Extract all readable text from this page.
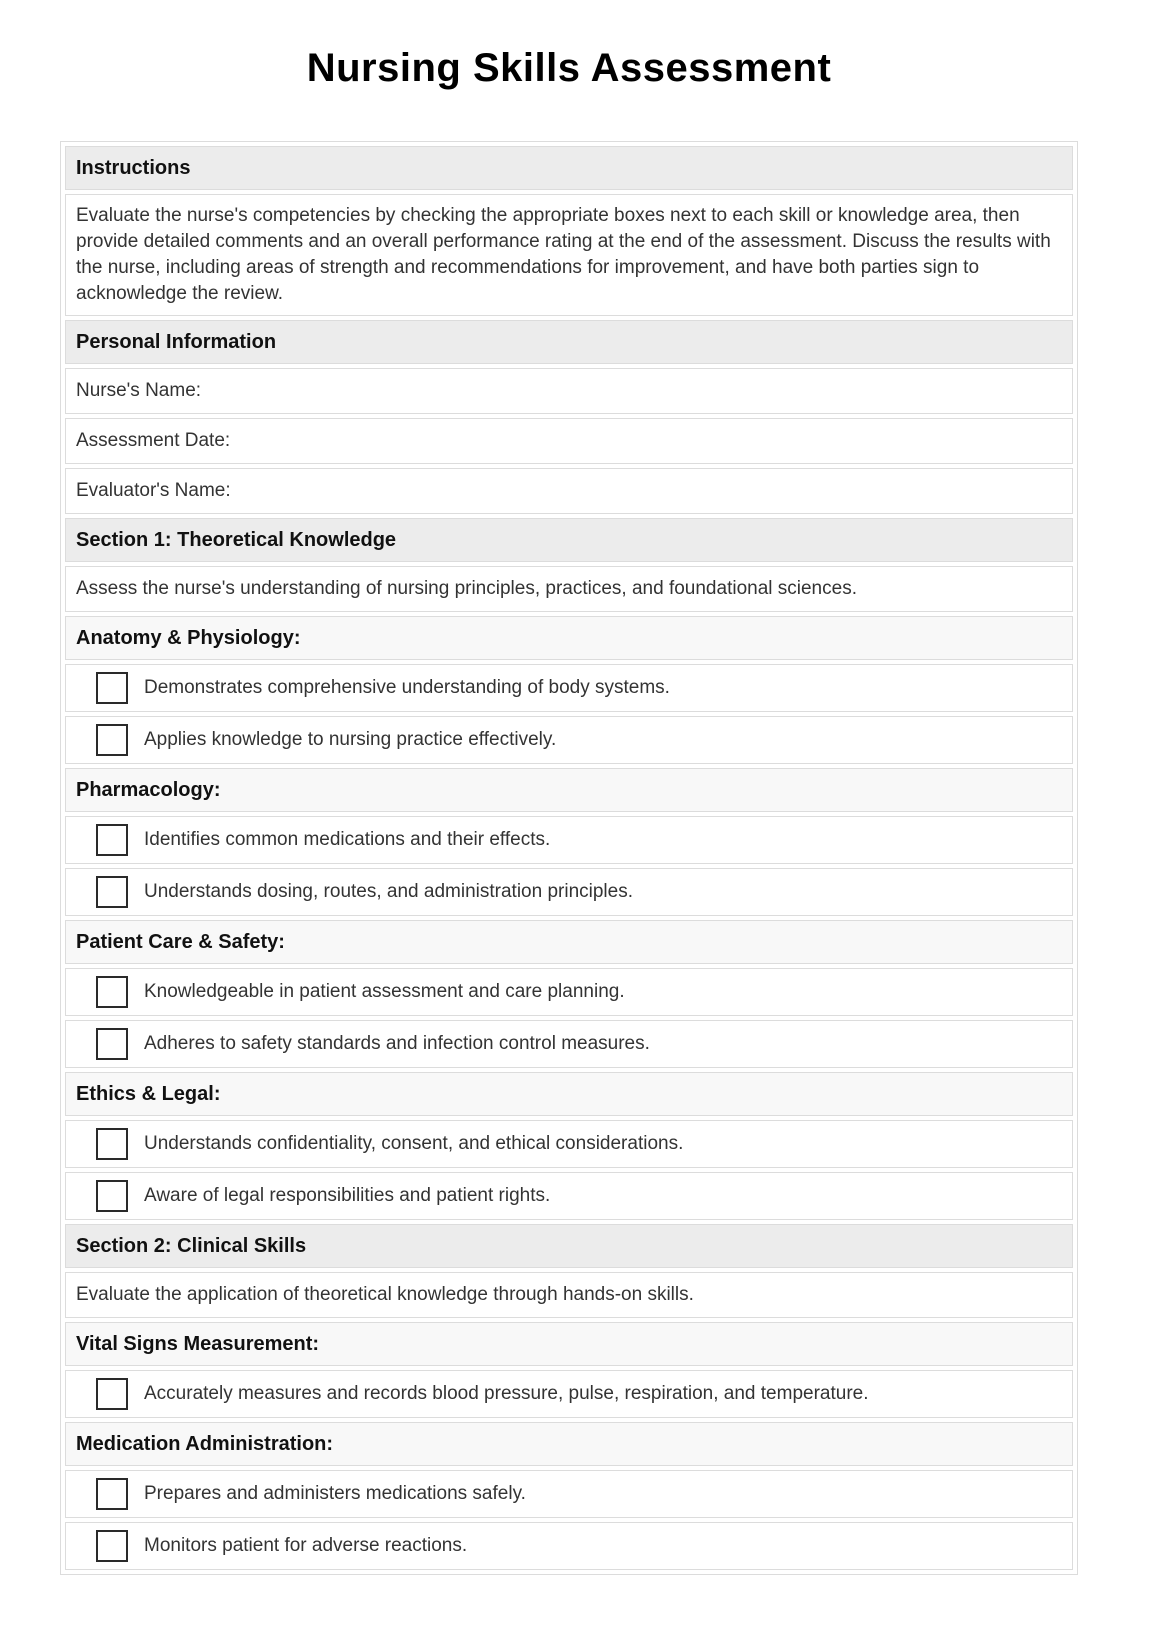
Nursing Skills Assessment
Instructions
Evaluate the nurse's competencies by checking the appropriate boxes next to each skill or knowledge area, then provide detailed comments and an overall performance rating at the end of the assessment. Discuss the results with the nurse, including areas of strength and recommendations for improvement, and have both parties sign to acknowledge the review.
Personal Information
Nurse's Name:
Assessment Date:
Evaluator's Name:
Section 1: Theoretical Knowledge
Assess the nurse's understanding of nursing principles, practices, and foundational sciences.
Anatomy & Physiology:
Demonstrates comprehensive understanding of body systems.
Applies knowledge to nursing practice effectively.
Pharmacology:
Identifies common medications and their effects.
Understands dosing, routes, and administration principles.
Patient Care & Safety:
Knowledgeable in patient assessment and care planning.
Adheres to safety standards and infection control measures.
Ethics & Legal:
Understands confidentiality, consent, and ethical considerations.
Aware of legal responsibilities and patient rights.
Section 2: Clinical Skills
Evaluate the application of theoretical knowledge through hands-on skills.
Vital Signs Measurement:
Accurately measures and records blood pressure, pulse, respiration, and temperature.
Medication Administration:
Prepares and administers medications safely.
Monitors patient for adverse reactions.
